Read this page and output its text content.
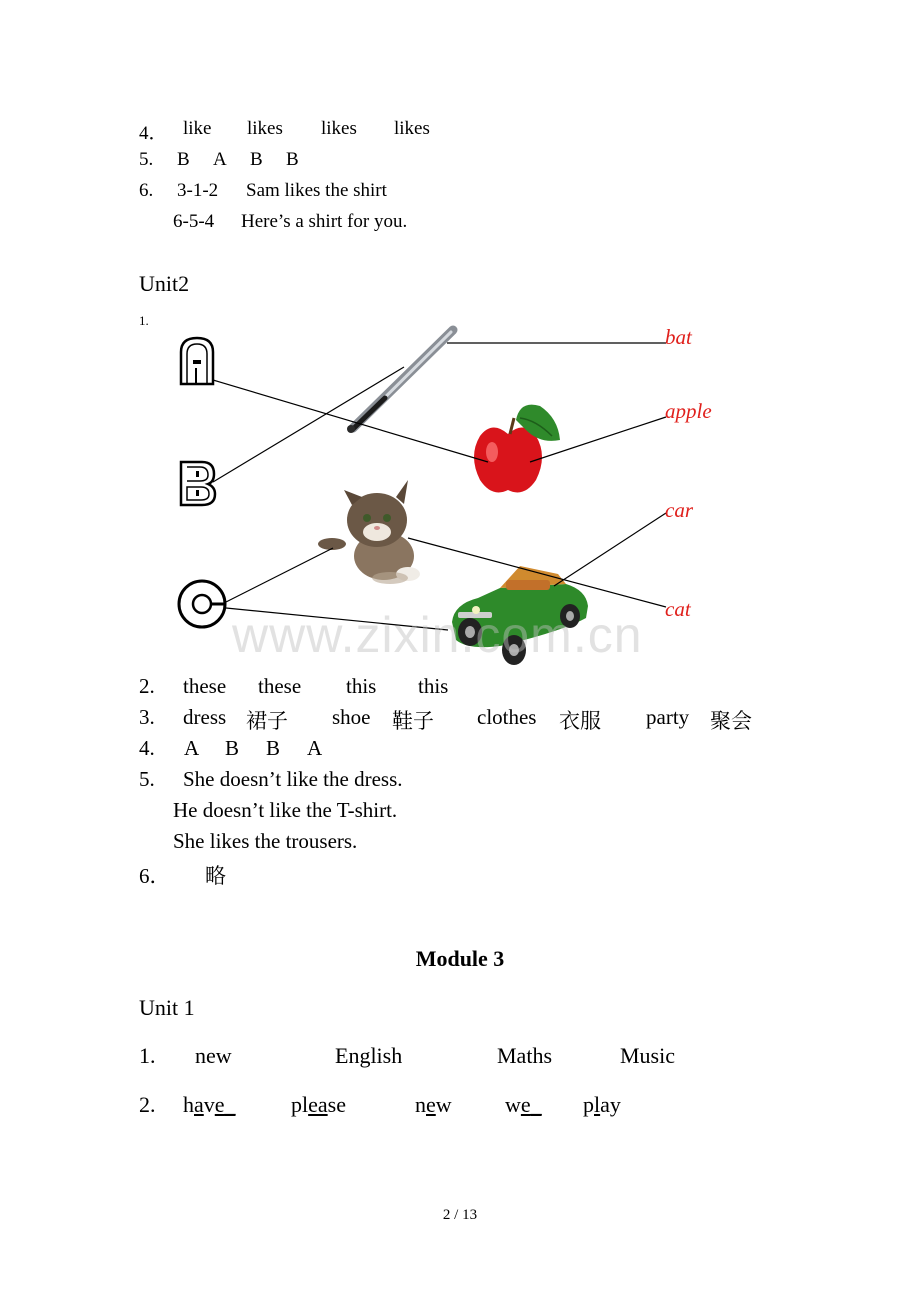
4． like likes likes likes
5. B A B B
6. 3-1-2 Sam likes the shirt
6-5-4 Here’s a shirt for you.
Unit2
1.
bat
apple
car
cat
www.zixin.com.cn
2. these these this this
3. dress 裙子 shoe 鞋子 clothes 衣服 party 聚会
4. A B B A
5. She doesn’t like the dress.
He doesn’t like the T-shirt.
She likes the trousers.
6． 略
Module 3
Unit 1
1. new	English	Maths	Music
2. have_	please	new we_ play
2 / 13
